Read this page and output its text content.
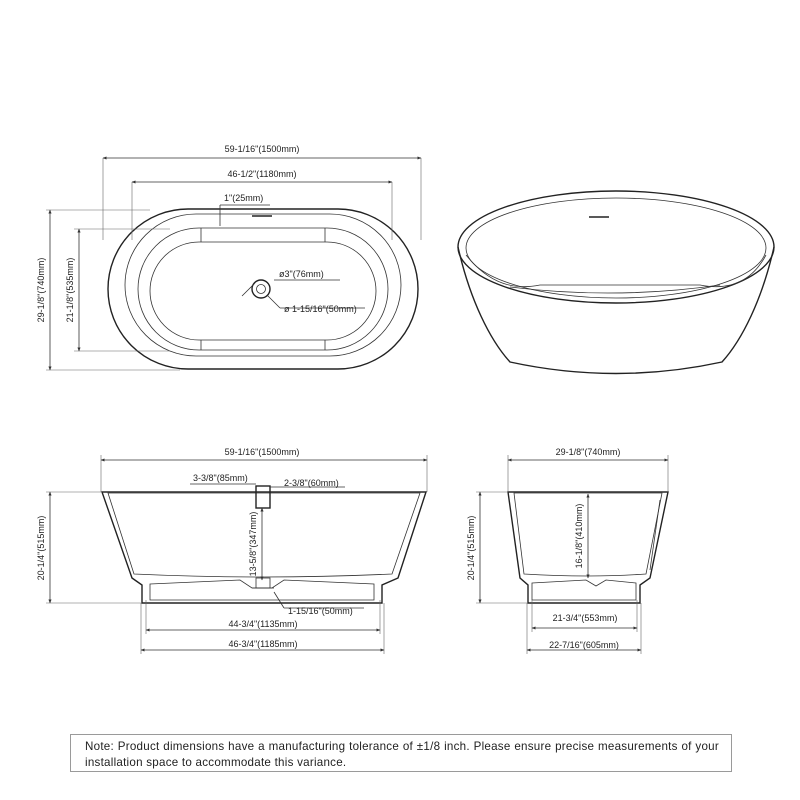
59-1/16"(1500mm)
46-1/2"(1180mm)
1"(25mm)
29-1/8"(740mm) 21-1/8"(535mm)	ø3"(76mm)
ø 1-15/16"(50mm)
59-1/16"(1500mm)
3-3/8"(85mm)	2-3/8"(60mm)
13-5/8"(347mm)
20-1/4"(515mm)
1-15/16"(50mm)
44-3/4"(1135mm)
46-3/4"(1185mm)
29-1/8"(740mm)
16-1/8"(410mm)
20-1/4"(515mm)
21-3/4"(553mm)
22-7/16"(605mm)
Note: Product dimensions have a manufacturing tolerance of ±1/8 inch. Please ensure precise measurements of your installation space to accommodate this variance.
